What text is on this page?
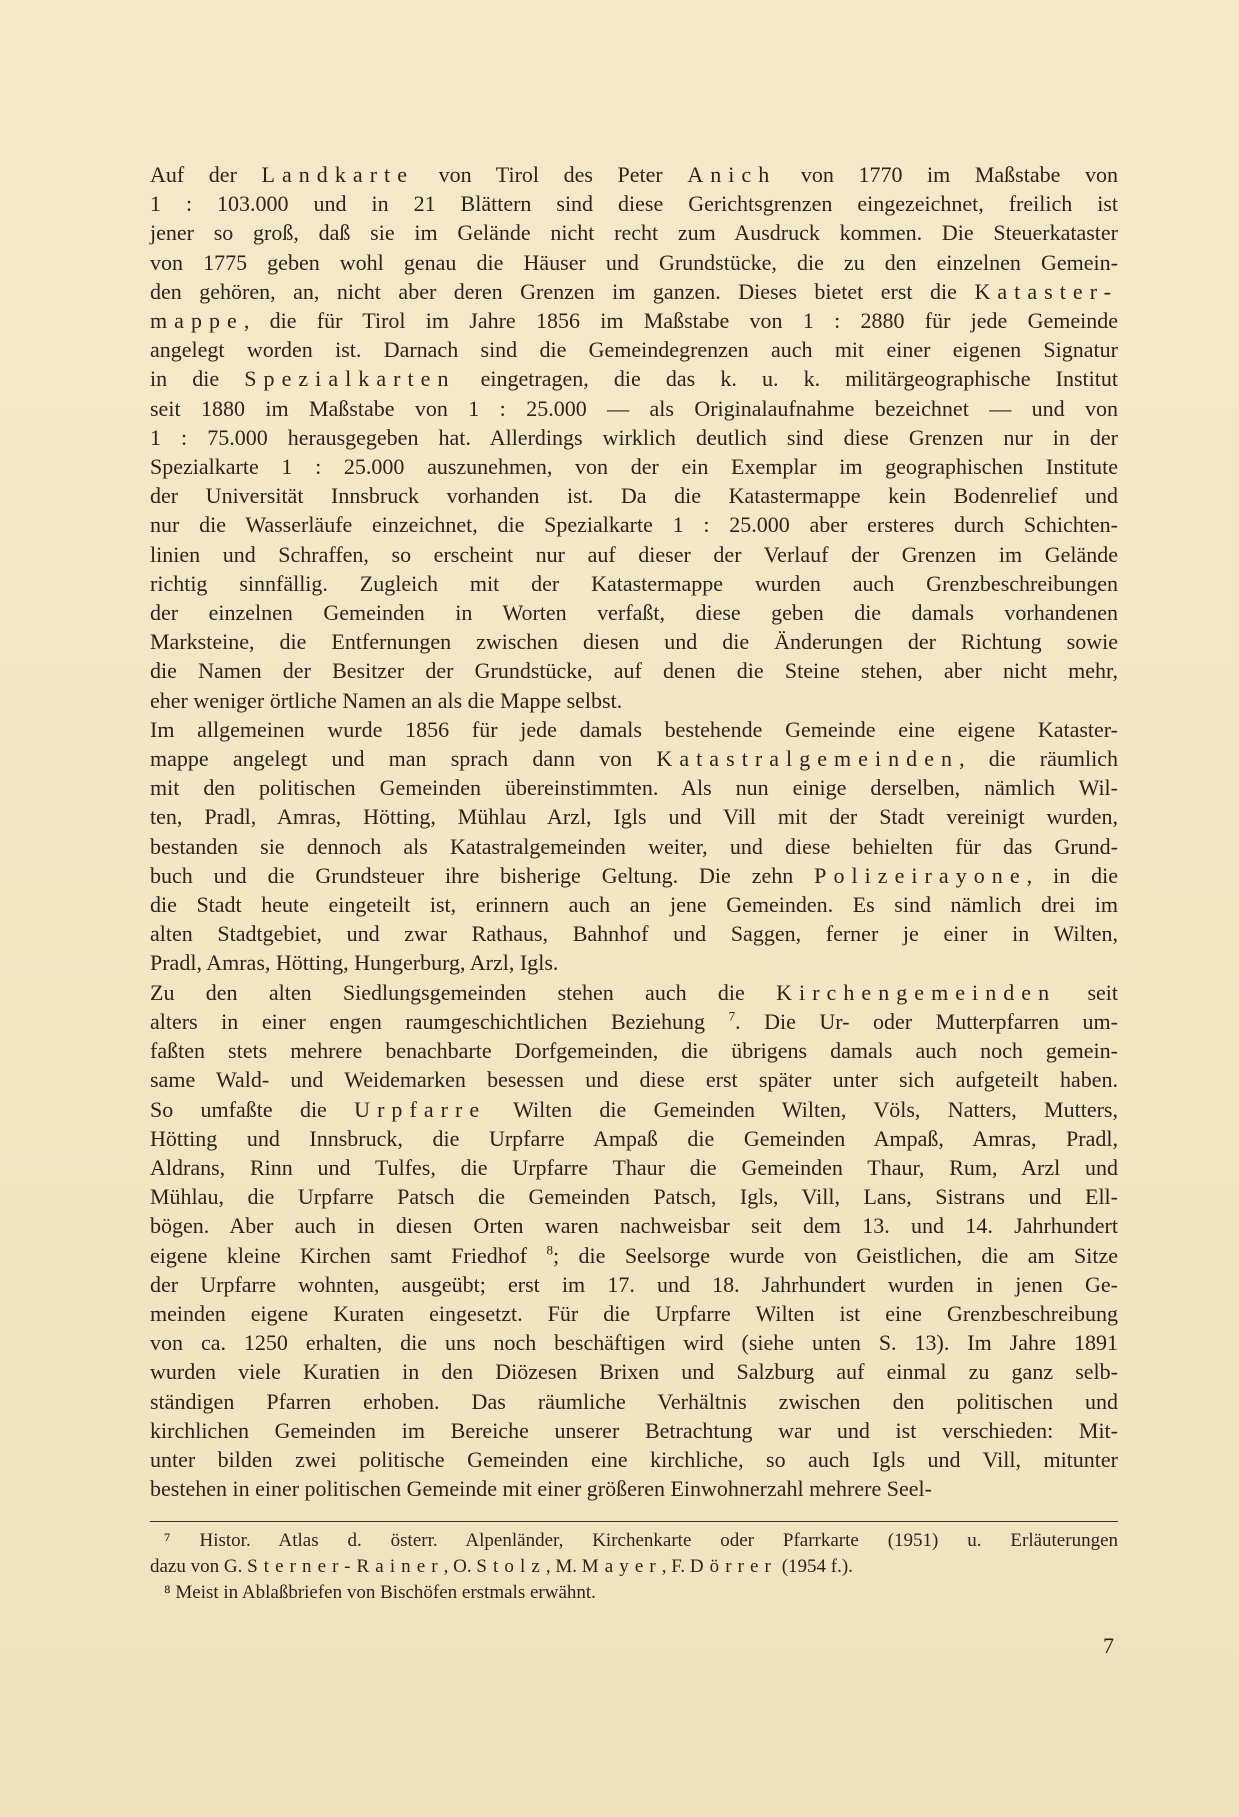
Auf der Landkarte von Tirol des Peter Anich von 1770 im Maßstabe von
1 : 103.000 und in 21 Blättern sind diese Gerichtsgrenzen eingezeichnet, freilich ist
jener so groß, daß sie im Gelände nicht recht zum Ausdruck kommen. Die Steuerkataster
von 1775 geben wohl genau die Häuser und Grundstücke, die zu den einzelnen Gemein-
den gehören, an, nicht aber deren Grenzen im ganzen. Dieses bietet erst die Kataster-
mappe, die für Tirol im Jahre 1856 im Maßstabe von 1 : 2880 für jede Gemeinde
angelegt worden ist. Darnach sind die Gemeindegrenzen auch mit einer eigenen Signatur
in die Spezialkarten eingetragen, die das k. u. k. militärgeographische Institut
seit 1880 im Maßstabe von 1 : 25.000 — als Originalaufnahme bezeichnet — und von
1 : 75.000 herausgegeben hat. Allerdings wirklich deutlich sind diese Grenzen nur in der
Spezialkarte 1 : 25.000 auszunehmen, von der ein Exemplar im geographischen Institute
der Universität Innsbruck vorhanden ist. Da die Katastermappe kein Bodenrelief und
nur die Wasserläufe einzeichnet, die Spezialkarte 1 : 25.000 aber ersteres durch Schichten-
linien und Schraffen, so erscheint nur auf dieser der Verlauf der Grenzen im Gelände
richtig sinnfällig. Zugleich mit der Katastermappe wurden auch Grenzbeschreibungen
der einzelnen Gemeinden in Worten verfaßt, diese geben die damals vorhandenen
Marksteine, die Entfernungen zwischen diesen und die Änderungen der Richtung sowie
die Namen der Besitzer der Grundstücke, auf denen die Steine stehen, aber nicht mehr,
eher weniger örtliche Namen an als die Mappe selbst.
Im allgemeinen wurde 1856 für jede damals bestehende Gemeinde eine eigene Kataster-
mappe angelegt und man sprach dann von Katastralgemeinden, die räumlich
mit den politischen Gemeinden übereinstimmten. Als nun einige derselben, nämlich Wil-
ten, Pradl, Amras, Hötting, Mühlau Arzl, Igls und Vill mit der Stadt vereinigt wurden,
bestanden sie dennoch als Katastralgemeinden weiter, und diese behielten für das Grund-
buch und die Grundsteuer ihre bisherige Geltung. Die zehn Polizeirayone, in die
die Stadt heute eingeteilt ist, erinnern auch an jene Gemeinden. Es sind nämlich drei im
alten Stadtgebiet, und zwar Rathaus, Bahnhof und Saggen, ferner je einer in Wilten,
Pradl, Amras, Hötting, Hungerburg, Arzl, Igls.
Zu den alten Siedlungsgemeinden stehen auch die Kirchengemeinden seit
alters in einer engen raumgeschichtlichen Beziehung $^7$. Die Ur- oder Mutterpfarren um-
faßten stets mehrere benachbarte Dorfgemeinden, die übrigens damals auch noch gemein-
same Wald- und Weidemarken besessen und diese erst später unter sich aufgeteilt haben.
So umfaßte die Urpfarre Wilten die Gemeinden Wilten, Völs, Natters, Mutters,
Hötting und Innsbruck, die Urpfarre Ampaß die Gemeinden Ampaß, Amras, Pradl,
Aldrans, Rinn und Tulfes, die Urpfarre Thaur die Gemeinden Thaur, Rum, Arzl und
Mühlau, die Urpfarre Patsch die Gemeinden Patsch, Igls, Vill, Lans, Sistrans und Ell-
bögen. Aber auch in diesen Orten waren nachweisbar seit dem 13. und 14. Jahrhundert
eigene kleine Kirchen samt Friedhof $^8$; die Seelsorge wurde von Geistlichen, die am Sitze
der Urpfarre wohnten, ausgeübt; erst im 17. und 18. Jahrhundert wurden in jenen Ge-
meinden eigene Kuraten eingesetzt. Für die Urpfarre Wilten ist eine Grenzbeschreibung
von ca. 1250 erhalten, die uns noch beschäftigen wird (siehe unten S. 13). Im Jahre 1891
wurden viele Kuratien in den Diözesen Brixen und Salzburg auf einmal zu ganz selb-
ständigen Pfarren erhoben. Das räumliche Verhältnis zwischen den politischen und
kirchlichen Gemeinden im Bereiche unserer Betrachtung war und ist verschieden: Mit-
unter bilden zwei politische Gemeinden eine kirchliche, so auch Igls und Vill, mitunter
bestehen in einer politischen Gemeinde mit einer größeren Einwohnerzahl mehrere Seel-
⁷ Histor. Atlas d. österr. Alpenländer, Kirchenkarte oder Pfarrkarte (1951) u. Erläuterungen
dazu von G. Sterner-Rainer, O. Stolz, M. Mayer, F. Dörrer (1954 f.).
⁸ Meist in Ablaßbriefen von Bischöfen erstmals erwähnt.
7
